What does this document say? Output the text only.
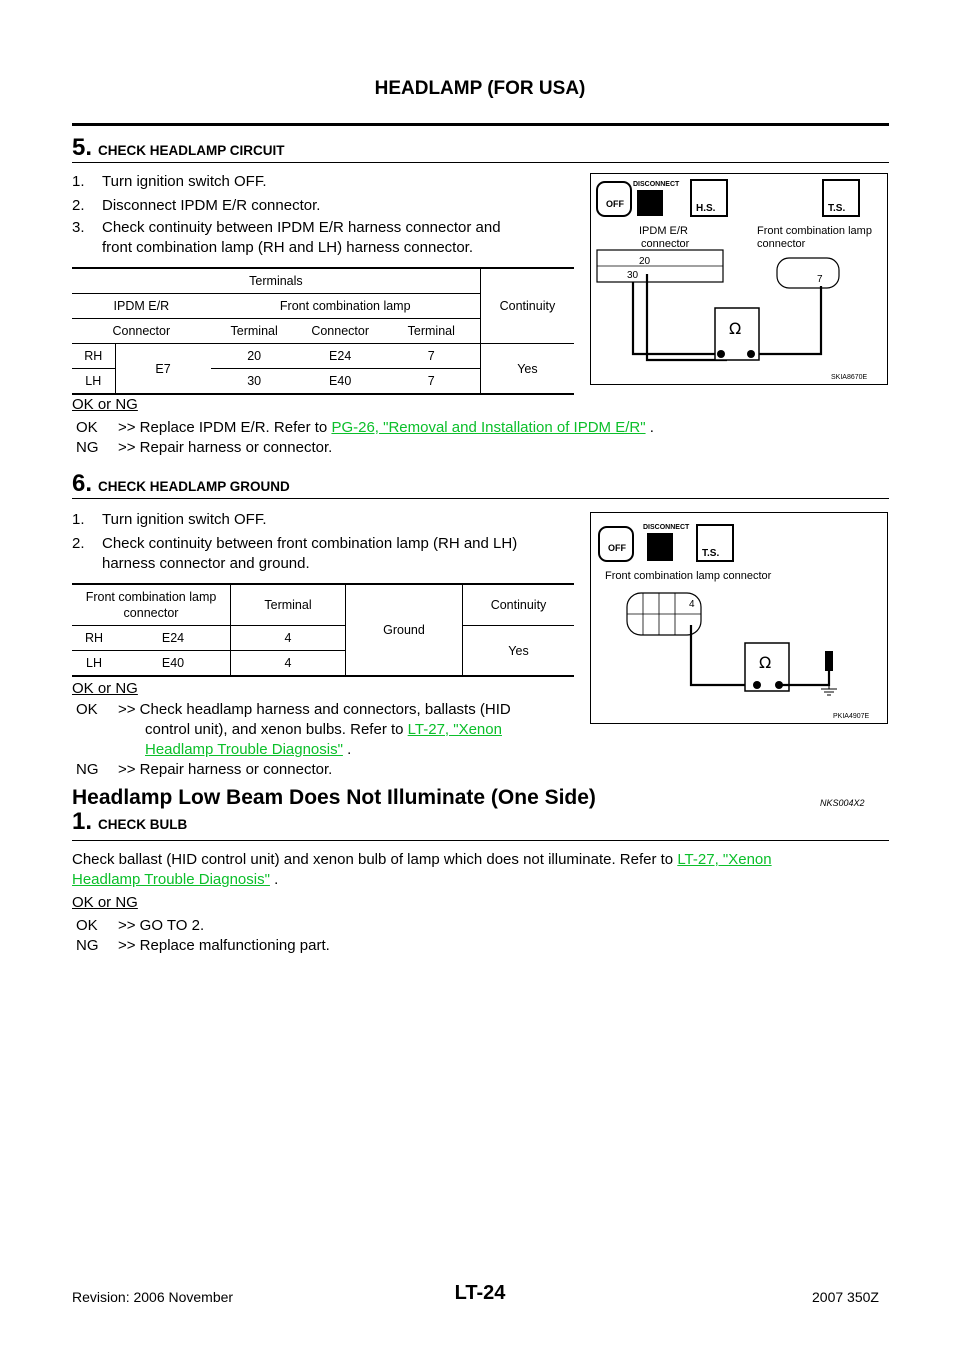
HEADLAMP (FOR USA)
5. CHECK HEADLAMP CIRCUIT
1. Turn ignition switch OFF.
2. Disconnect IPDM E/R connector.
3. Check continuity between IPDM E/R harness connector and
front combination lamp (RH and LH) harness connector.
Terminals					Continuity
IPDM E/R		Front combination lamp			
Connector		Terminal	Connector	Terminal	
RH	E7	20	E24	7	Yes
LH		30	E40	7	
OFF
DISCONNECT
H.S.	T.S.
IPDM E/R
connector
Front combination lamp
connector
20
30	7
Ω
SKIA8670E
OK or NG
OK >> Replace IPDM E/R. Refer to PG-26, "Removal and Installation of IPDM E/R" .
NG >> Repair harness or connector.
6. CHECK HEADLAMP GROUND
1. Turn ignition switch OFF.
2. Check continuity between front combination lamp (RH and LH)
harness connector and ground.
Front combination lamp
connector		Terminal	Ground	Continuity
RH	E24	4		Yes
LH	E40	4		
OFF
DISCONNECT
T.S.
Front combination lamp connector
4
Ω
PKIA4907E
OK or NG
OK >> Check headlamp harness and connectors, ballasts (HID
control unit), and xenon bulbs. Refer to LT-27, "Xenon
Headlamp Trouble Diagnosis" .
NG >> Repair harness or connector.
Headlamp Low Beam Does Not Illuminate (One Side)	NKS004X2
1. CHECK BULB
Check ballast (HID control unit) and xenon bulb of lamp which does not illuminate. Refer to LT-27, "Xenon
Headlamp Trouble Diagnosis" .
OK or NG
OK >> GO TO 2.
NG >> Replace malfunctioning part.
LT-24
Revision: 2006 November	2007 350Z
